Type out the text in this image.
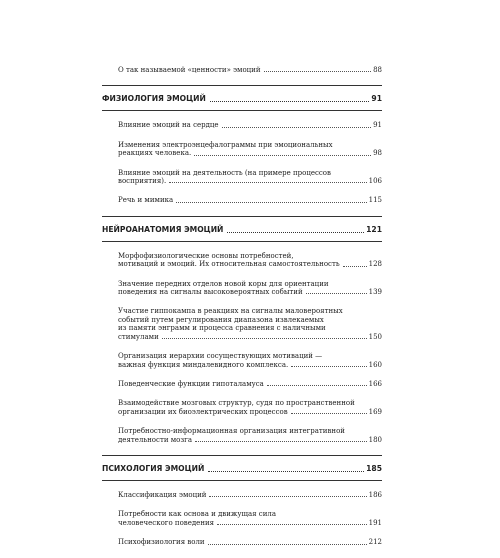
О так называемой «ценности» эмоций	88
ФИЗИОЛОГИЯ ЭМОЦИЙ	91
Влияние эмоций на сердце	91
Изменения электроэнцефалограммы при эмоциональных
реакциях человека.	98
Влияние эмоций на деятельность (на примере процессов
восприятия).	106
Речь и мимика	115
НЕЙРОАНАТОМИЯ ЭМОЦИЙ	121
Морфофизиологические основы потребностей,
мотиваций и эмоций. Их относительная самостоятельность	128
Значение передних отделов новой коры для ориентации
поведения на сигналы высоковероятных событий	139
Участие гиппокампа в реакциях на сигналы маловероятных
событий путем регулирования диапазона извлекаемых
из памяти энграмм и процесса сравнения с наличными
стимулами	150
Организация иерархии сосуществующих мотиваций —
важная функция миндалевидного комплекса.	160
Поведенческие функции гипоталамуса	166
Взаимодействие мозговых структур, судя по пространственной
организации их биоэлектрических процессов	169
Потребностно-информационная организация интегративной
деятельности мозга	180
ПСИХОЛОГИЯ ЭМОЦИЙ	185
Классификация эмоций	186
Потребности как основа и движущая сила
человеческого поведения	191
Психофизиология воли	212
